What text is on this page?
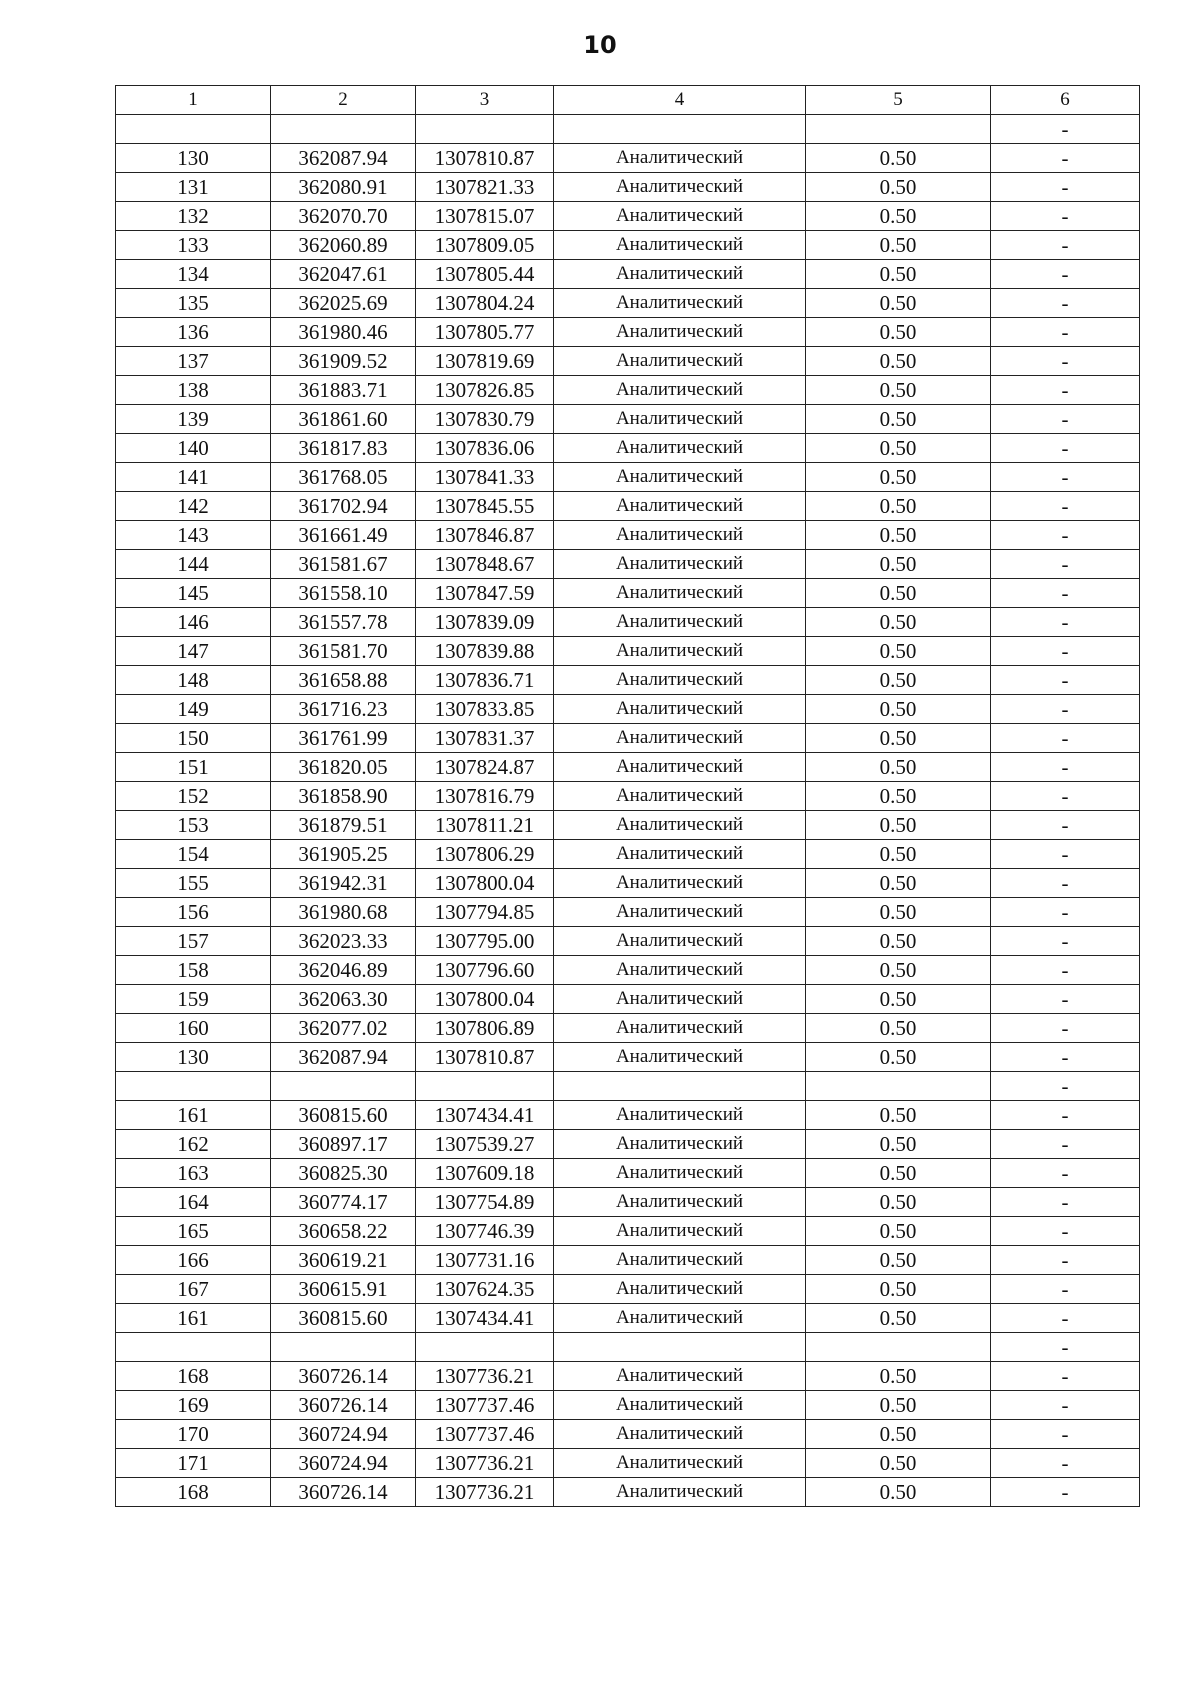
10
1	2	3	4	5	6
					-
130	362087.94	1307810.87	Аналитический	0.50	-
131	362080.91	1307821.33	Аналитический	0.50	-
132	362070.70	1307815.07	Аналитический	0.50	-
133	362060.89	1307809.05	Аналитический	0.50	-
134	362047.61	1307805.44	Аналитический	0.50	-
135	362025.69	1307804.24	Аналитический	0.50	-
136	361980.46	1307805.77	Аналитический	0.50	-
137	361909.52	1307819.69	Аналитический	0.50	-
138	361883.71	1307826.85	Аналитический	0.50	-
139	361861.60	1307830.79	Аналитический	0.50	-
140	361817.83	1307836.06	Аналитический	0.50	-
141	361768.05	1307841.33	Аналитический	0.50	-
142	361702.94	1307845.55	Аналитический	0.50	-
143	361661.49	1307846.87	Аналитический	0.50	-
144	361581.67	1307848.67	Аналитический	0.50	-
145	361558.10	1307847.59	Аналитический	0.50	-
146	361557.78	1307839.09	Аналитический	0.50	-
147	361581.70	1307839.88	Аналитический	0.50	-
148	361658.88	1307836.71	Аналитический	0.50	-
149	361716.23	1307833.85	Аналитический	0.50	-
150	361761.99	1307831.37	Аналитический	0.50	-
151	361820.05	1307824.87	Аналитический	0.50	-
152	361858.90	1307816.79	Аналитический	0.50	-
153	361879.51	1307811.21	Аналитический	0.50	-
154	361905.25	1307806.29	Аналитический	0.50	-
155	361942.31	1307800.04	Аналитический	0.50	-
156	361980.68	1307794.85	Аналитический	0.50	-
157	362023.33	1307795.00	Аналитический	0.50	-
158	362046.89	1307796.60	Аналитический	0.50	-
159	362063.30	1307800.04	Аналитический	0.50	-
160	362077.02	1307806.89	Аналитический	0.50	-
130	362087.94	1307810.87	Аналитический	0.50	-
					-
161	360815.60	1307434.41	Аналитический	0.50	-
162	360897.17	1307539.27	Аналитический	0.50	-
163	360825.30	1307609.18	Аналитический	0.50	-
164	360774.17	1307754.89	Аналитический	0.50	-
165	360658.22	1307746.39	Аналитический	0.50	-
166	360619.21	1307731.16	Аналитический	0.50	-
167	360615.91	1307624.35	Аналитический	0.50	-
161	360815.60	1307434.41	Аналитический	0.50	-
					-
168	360726.14	1307736.21	Аналитический	0.50	-
169	360726.14	1307737.46	Аналитический	0.50	-
170	360724.94	1307737.46	Аналитический	0.50	-
171	360724.94	1307736.21	Аналитический	0.50	-
168	360726.14	1307736.21	Аналитический	0.50	-
